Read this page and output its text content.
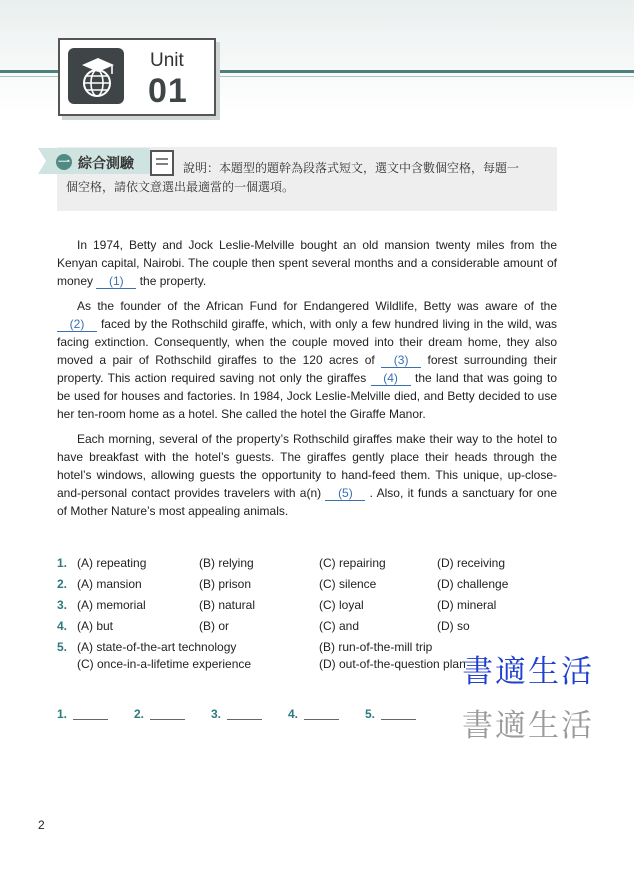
Unit
01
一 綜合測驗	說明：本題型的題幹為段落式短文，選文中含數個空格，每題一
個空格，請依文意選出最適當的一個選項。

In 1974, Betty and Jock Leslie-Melville bought an old mansion twenty miles from the Kenyan capital, Nairobi. The couple then spent several months and a considerable amount of money (1) the property.

As the founder of the African Fund for Endangered Wildlife, Betty was aware of the (2) faced by the Rothschild giraffe, which, with only a few hundred living in the wild, was facing extinction. Consequently, when the couple moved into their dream home, they also moved a pair of Rothschild giraffes to the 120 acres of (3) forest surrounding their property. This action required saving not only the giraffes (4) the land that was going to be used for houses and factories. In 1984, Jock Leslie-Melville died, and Betty decided to use her ten-room home as a hotel. She called the hotel the Giraffe Manor.

Each morning, several of the property’s Rothschild giraffes make their way to the hotel to have breakfast with the hotel’s guests. The giraffes gently place their heads through the hotel’s windows, allowing guests the opportunity to hand-feed them. This unique, up-close-and-personal contact provides travelers with a(n) (5) . Also, it funds a sanctuary for one of Mother Nature’s most appealing animals.

1. (A) repeating	(B) relying	(C) repairing	(D) receiving
2. (A) mansion	(B) prison	(C) silence	(D) challenge
3. (A) memorial	(B) natural	(C) loyal	(D) mineral
4. (A) but	(B) or	(C) and	(D) so
5. (A) state-of-the-art technology	(B) run-of-the-mill trip
(C) once-in-a-lifetime experience	(D) out-of-the-question plan
書適生活
書適生活
1.	2.	3.	4.	5.
2
